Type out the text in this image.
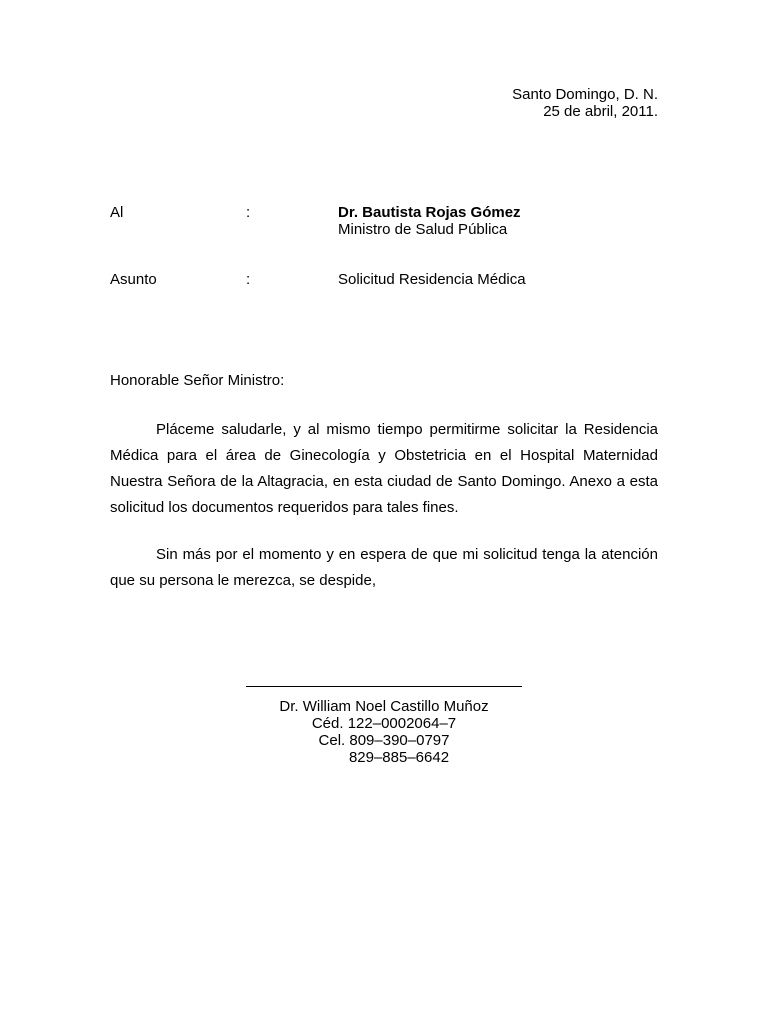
Santo Domingo, D. N.
25 de abril, 2011.
Al	:	Dr. Bautista Rojas Gómez
Ministro de Salud Pública
Asunto	:	Solicitud Residencia Médica
Honorable Señor Ministro:

Pláceme saludarle, y al mismo tiempo permitirme solicitar la Residencia Médica para el área de Ginecología y Obstetricia en el Hospital Maternidad Nuestra Señora de la Altagracia, en esta ciudad de Santo Domingo. Anexo a esta solicitud los documentos requeridos para tales fines.

Sin más por el momento y en espera de que mi solicitud tenga la atención que su persona le merezca, se despide,

Dr. William Noel Castillo Muñoz
Céd. 122–0002064–7
Cel. 809–390–0797
829–885–6642
